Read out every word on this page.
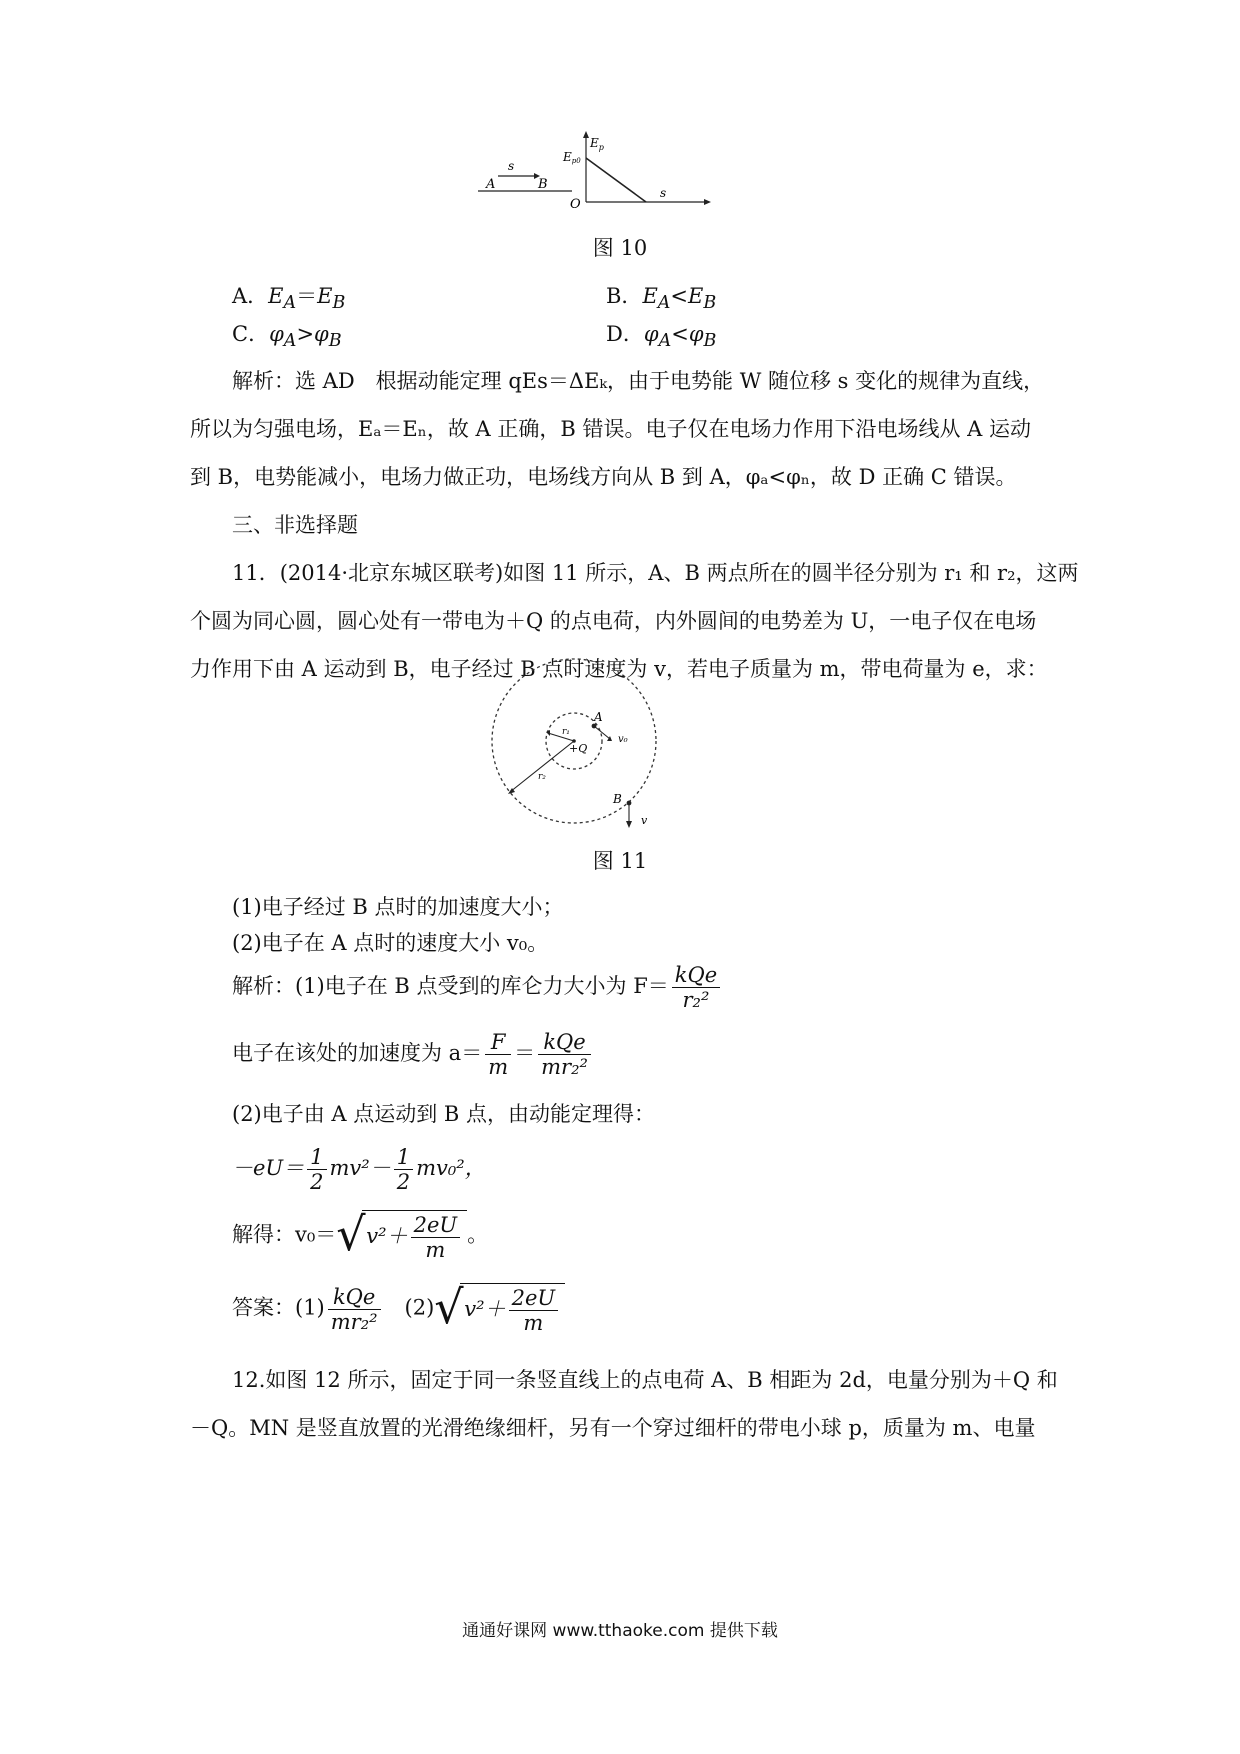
s
A	B
$E_p$
Ep0
O
s
图 10
A．$E_A=E_B$	B．$E_A<E_B$
C．$\varphi_A>\varphi_B$	D．$\varphi_A<\varphi_B$
解析：选 AD　根据动能定理 qEs＝ΔEₖ，由于电势能 W 随位移 s 变化的规律为直线，
所以为匀强电场，Eₐ＝Eₙ，故 A 正确，B 错误。电子仅在电场力作用下沿电场线从 A 运动
到 B，电势能减小，电场力做正功，电场线方向从 B 到 A，φₐ<φₙ，故 D 正确 C 错误。
三、非选择题
11．(2014·北京东城区联考)如图 11 所示，A、B 两点所在的圆半径分别为 r₁ 和 r₂，这两
个圆为同心圆，圆心处有一带电为＋Q 的点电荷，内外圆间的电势差为 U，一电子仅在电场
力作用下由 A 运动到 B，电子经过 B 点时速度为 v，若电子质量为 m，带电荷量为 e，求：
A
+Q
r₁
r₂
v₀
B
v
图 11
(1)电子经过 B 点时的加速度大小；
(2)电子在 A 点时的速度大小 v₀。
解析：(1)电子在 B 点受到的库仑力大小为 $F= \frac{\text{kQe}}{\text{r₂²}}$
电子在该处的加速度为 $a= \frac{F}{m} = \frac{\text{kQe}}{\text{mr₂²}}$
(2)电子由 A 点运动到 B 点，由动能定理得：
$-eU= \frac{1}{2} mv^2- \frac{1}{2} mv_0^2$，
解得：v₀＝ √ $v^2+ \frac{2eU}{m}$ 。
答案：$(1) \frac{\text{kQe}}{\text{mr₂²}}$ 　(2) √ $v^2+ \frac{2eU}{m}$
12.如图 12 所示，固定于同一条竖直线上的点电荷 A、B 相距为 2d，电量分别为＋Q 和
－Q。MN 是竖直放置的光滑绝缘细杆，另有一个穿过细杆的带电小球 p，质量为 m、电量
通通好课网 www.tthaoke.com 提供下载
